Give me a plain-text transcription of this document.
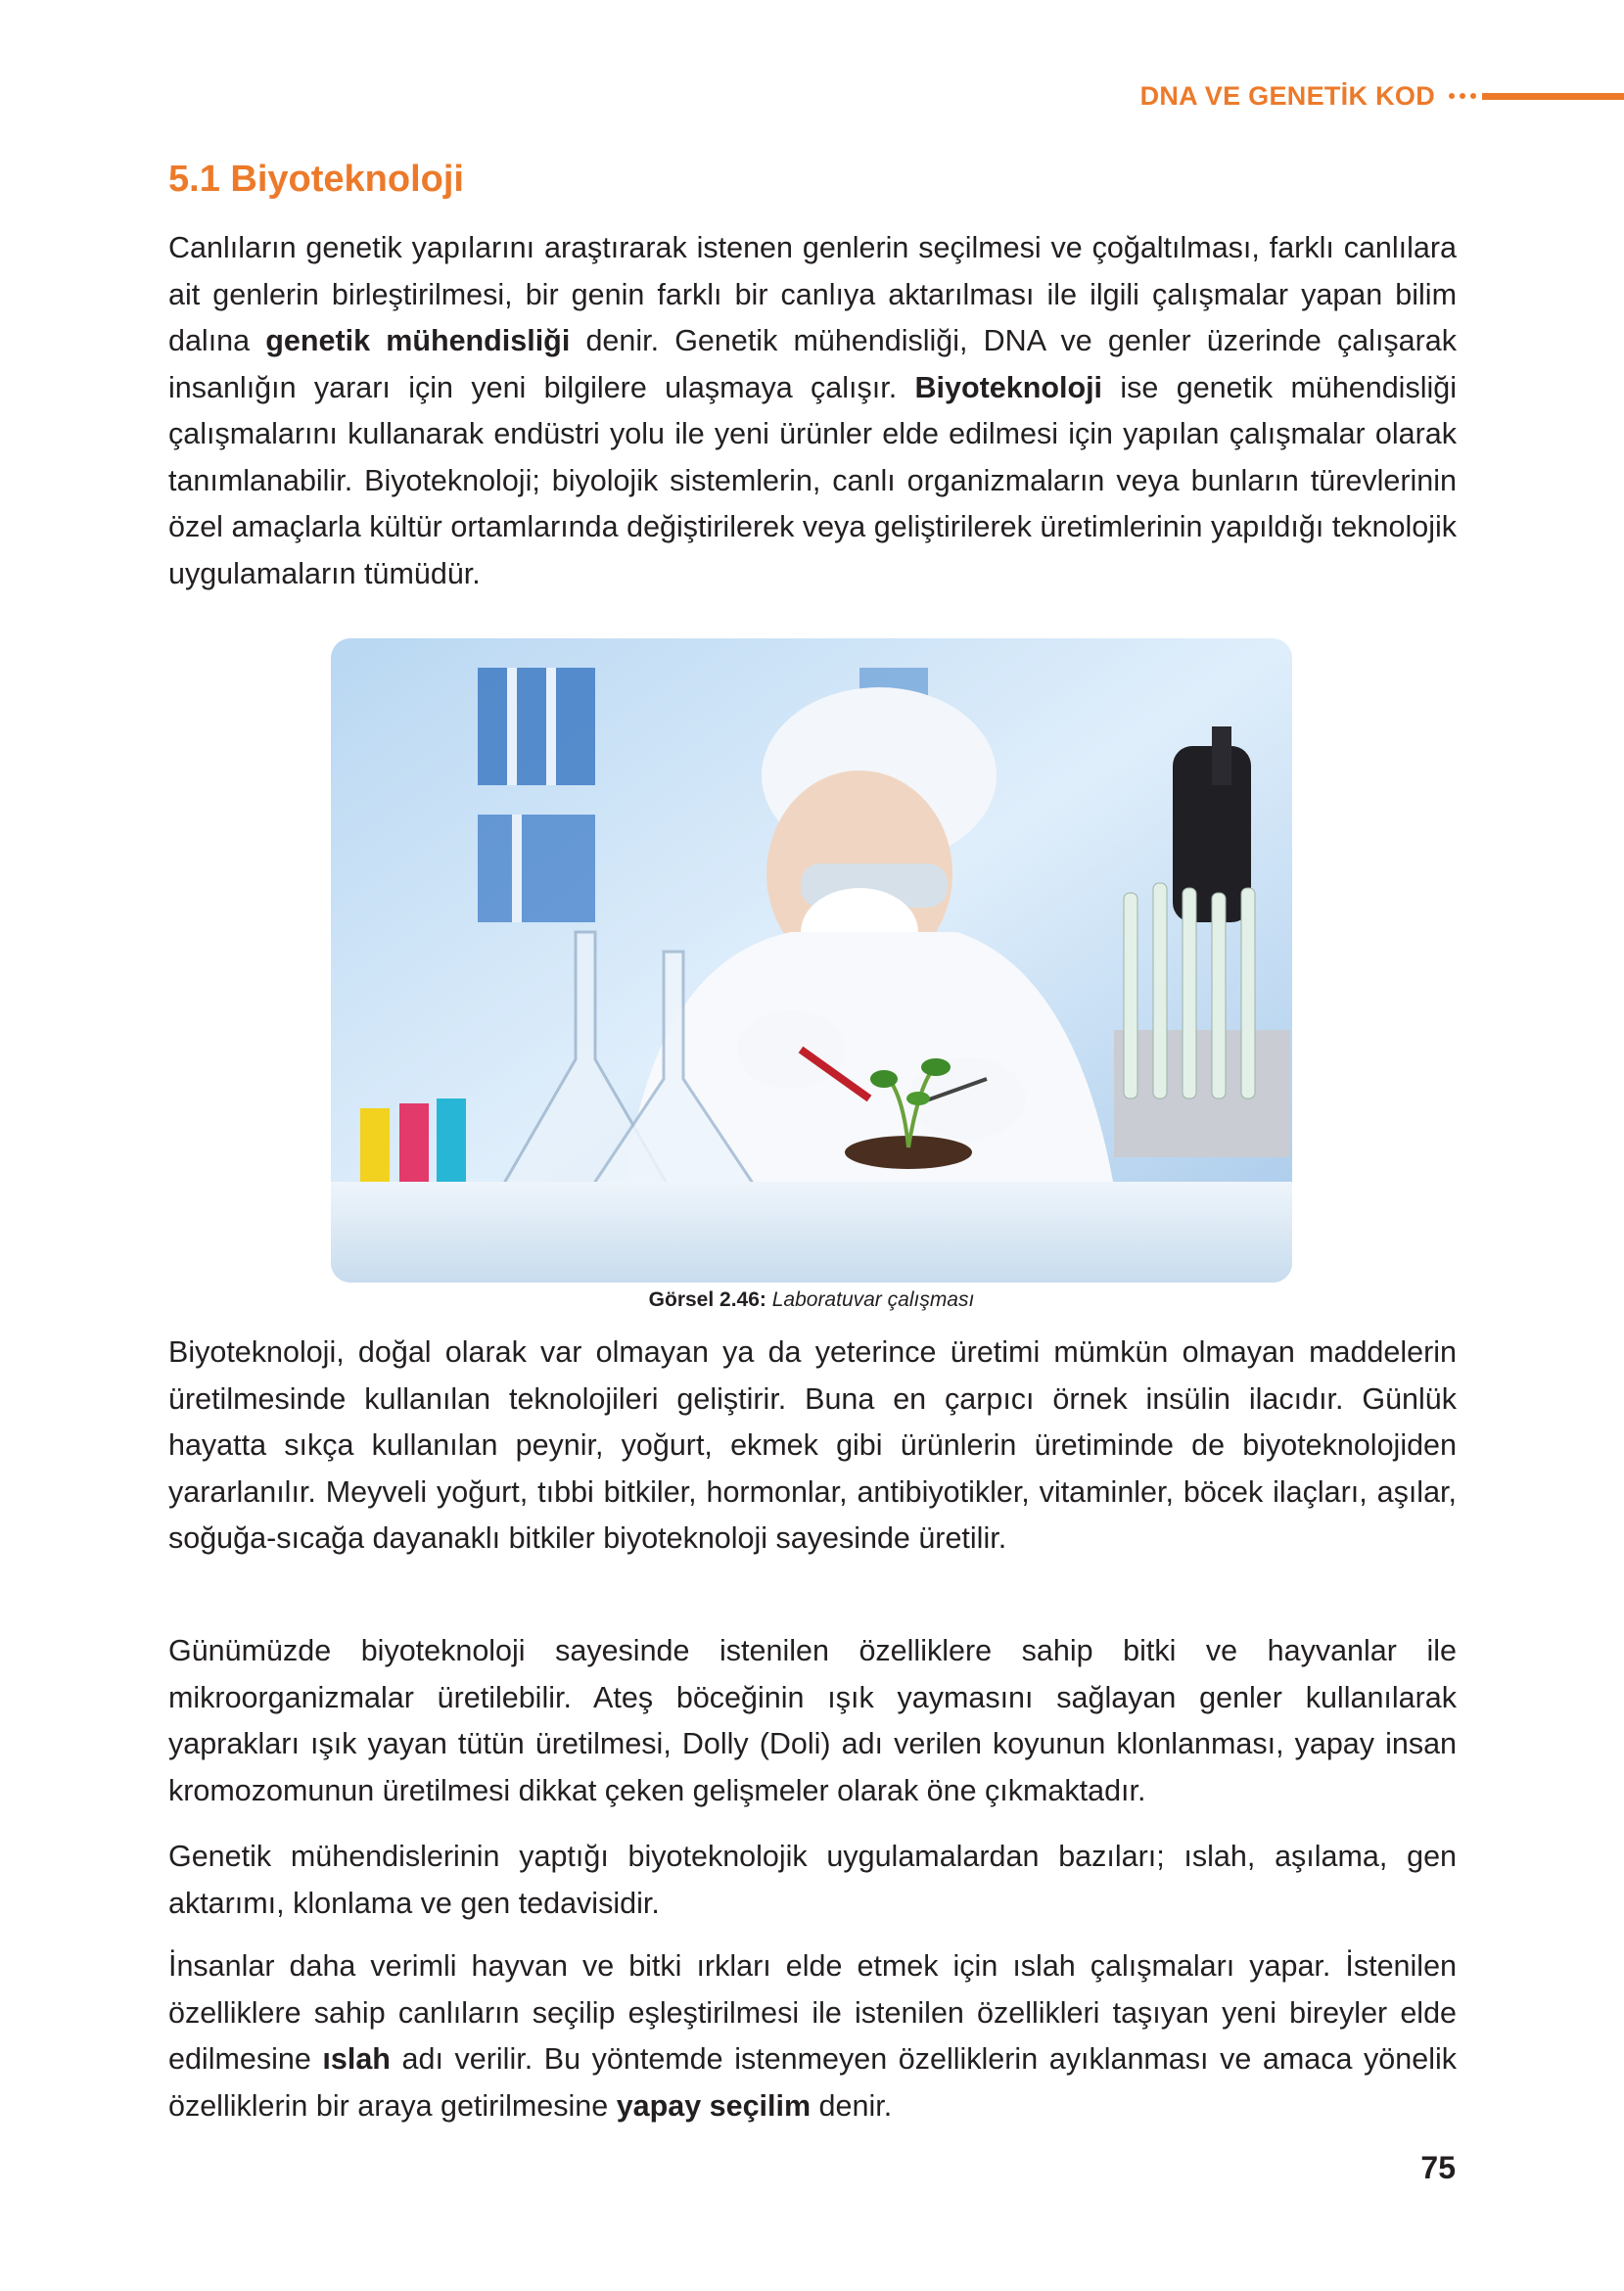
DNA VE GENETİK KOD
5.1 Biyoteknoloji

Canlıların genetik yapılarını araştırarak istenen genlerin seçilmesi ve çoğaltılması, farklı canlılara ait genlerin birleştirilmesi, bir genin farklı bir canlıya aktarılması ile ilgili çalışmalar yapan bilim dalına genetik mühendisliği denir. Genetik mühendisliği, DNA ve genler üzerinde çalışarak insanlığın yararı için yeni bilgilere ulaşmaya çalışır. Biyoteknoloji ise genetik mühendisliği çalışmalarını kullanarak endüstri yolu ile yeni ürünler elde edilmesi için yapılan çalışmalar olarak tanımlanabilir. Biyoteknoloji; biyolojik sistemlerin, canlı organizmaların veya bunların türevlerinin özel amaçlarla kültür ortamlarında değiştirilerek veya geliştirilerek üretimlerinin yapıldığı teknolojik uygulamaların tümüdür.

Görsel 2.46: Laboratuvar çalışması

Biyoteknoloji, doğal olarak var olmayan ya da yeterince üretimi mümkün olmayan maddelerin üretilmesinde kullanılan teknolojileri geliştirir. Buna en çarpıcı örnek insülin ilacıdır. Günlük hayatta sıkça kullanılan peynir, yoğurt, ekmek gibi ürünlerin üretiminde de biyoteknolojiden yararlanılır. Meyveli yoğurt, tıbbi bitkiler, hormonlar, antibiyotikler, vitaminler, böcek ilaçları, aşılar, soğuğa-sıcağa dayanaklı bitkiler biyoteknoloji sayesinde üretilir.

Günümüzde biyoteknoloji sayesinde istenilen özelliklere sahip bitki ve hayvanlar ile mikroorganizmalar üretilebilir. Ateş böceğinin ışık yaymasını sağlayan genler kullanılarak yaprakları ışık yayan tütün üretilmesi, Dolly (Doli) adı verilen koyunun klonlanması, yapay insan kromozomunun üretilmesi dikkat çeken gelişmeler olarak öne çıkmaktadır.

Genetik mühendislerinin yaptığı biyoteknolojik uygulamalardan bazıları; ıslah, aşılama, gen aktarımı, klonlama ve gen tedavisidir.

İnsanlar daha verimli hayvan ve bitki ırkları elde etmek için ıslah çalışmaları yapar. İstenilen özelliklere sahip canlıların seçilip eşleştirilmesi ile istenilen özellikleri taşıyan yeni bireyler elde edilmesine ıslah adı verilir. Bu yöntemde istenmeyen özelliklerin ayıklanması ve amaca yönelik özelliklerin bir araya getirilmesine yapay seçilim denir.

75
